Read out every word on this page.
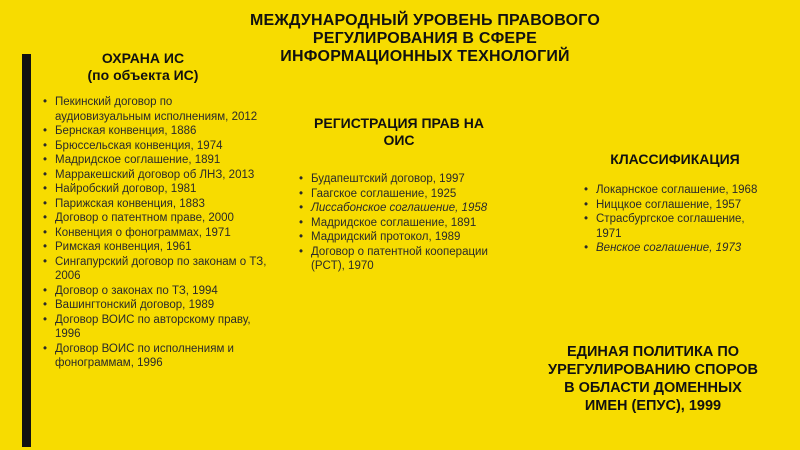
МЕЖДУНАРОДНЫЙ УРОВЕНЬ ПРАВОВОГО
РЕГУЛИРОВАНИЯ В СФЕРЕ
ИНФОРМАЦИОННЫХ ТЕХНОЛОГИЙ
ОХРАНА ИС
(по объекта ИС)
• Пекинский договор по аудиовизуальным исполнениям, 2012
• Бернская конвенция, 1886
• Брюссельская конвенция, 1974
• Мадридское соглашение, 1891
• Марракешский договор об ЛНЗ, 2013
• Найробский договор, 1981
• Парижская конвенция, 1883
• Договор о патентном праве, 2000
• Конвенция о фонограммах, 1971
• Римская конвенция, 1961
• Сингапурский договор по законам о ТЗ, 2006
• Договор о законах по ТЗ, 1994
• Вашингтонский договор, 1989
• Договор ВОИС по авторскому праву, 1996
• Договор ВОИС по исполнениям и фонограммам, 1996
РЕГИСТРАЦИЯ ПРАВ НА
ОИС
• Будапештский договор, 1997
• Гаагское соглашение, 1925
• Лиссабонское соглашение, 1958
• Мадридское соглашение, 1891
• Мадридский протокол, 1989
• Договор о патентной кооперации (PCT), 1970
КЛАССИФИКАЦИЯ
• Локарнское соглашение, 1968
• Ниццкое соглашение, 1957
• Страсбургское соглашение, 1971
• Венское соглашение, 1973
ЕДИНАЯ ПОЛИТИКА ПО
УРЕГУЛИРОВАНИЮ СПОРОВ
В ОБЛАСТИ ДОМЕННЫХ
ИМЕН (ЕПУС), 1999
